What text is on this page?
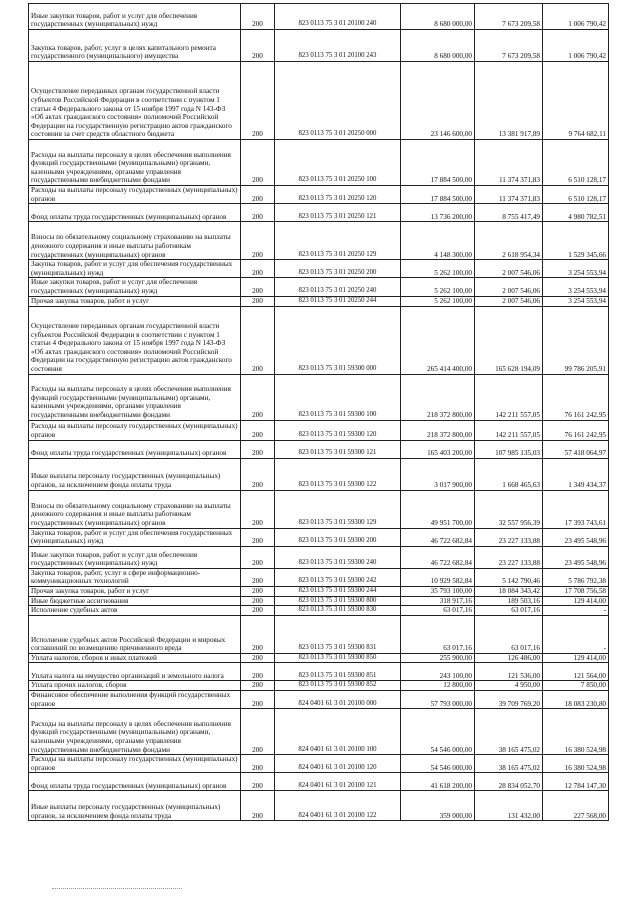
Иные закупки товаров, работ и услуг для обеспечения государственных (муниципальных) нужд	200	823 0113 75 3 01 20100 240	8 680 000,00	7 673 209,58	1 006 790,42
Закупка товаров, работ, услуг в целях капитального ремонта государственного (муниципального) имущества	200	823 0113 75 3 01 20100 243	8 680 000,00	7 673 209,58	1 006 790,42
Осуществление переданных органам государственной власти субъектов Российской Федерации в соответствии с пунктом 1 статьи 4 Федерального закона от 15 ноября 1997 года N 143-ФЗ «Об актах гражданского состояния» полномочий Российской Федерации на государственную регистрацию актов гражданского состояния за счет средств областного бюджета	200	823 0113 75 3 01 20250 000	23 146 600,00	13 381 917,89	9 764 682,11
Расходы на выплаты персоналу в целях обеспечения выполнения функций государственными (муниципальными) органами, казенными учреждениями, органами управления государственными внебюджетными фондами	200	823 0113 75 3 01 20250 100	17 884 500,00	11 374 371,83	6 510 128,17
Расходы на выплаты персоналу государственных (муниципальных) органов	200	823 0113 75 3 01 20250 120	17 884 500,00	11 374 371,83	6 510 128,17
Фонд оплаты труда государственных (муниципальных) органов	200	823 0113 75 3 01 20250 121	13 736 200,00	8 755 417,49	4 980 782,51
Взносы по обязательному социальному страхованию на выплаты денежного содержания и иные выплаты работникам государственных (муниципальных) органов	200	823 0113 75 3 01 20250 129	4 148 300,00	2 618 954,34	1 529 345,66
Закупка товаров, работ и услуг для обеспечения государственных (муниципальных) нужд	200	823 0113 75 3 01 20250 200	5 262 100,00	2 007 546,06	3 254 553,94
Иные закупки товаров, работ и услуг для обеспечения государственных (муниципальных) нужд	200	823 0113 75 3 01 20250 240	5 262 100,00	2 007 546,06	3 254 553,94
Прочая закупка товаров, работ и услуг	200	823 0113 75 3 01 20250 244	5 262 100,00	2 007 546,06	3 254 553,94
Осуществление переданных органам государственной власти субъектов Российской Федерации в соответствии с пунктом 1 статьи 4 Федерального закона от 15 ноября 1997 года N 143-ФЗ «Об актах гражданского состояния» полномочий Российской Федерации на государственную регистрацию актов гражданского состояния	200	823 0113 75 3 01 59300 000	265 414 400,00	165 628 194,09	99 786 205,91
Расходы на выплаты персоналу в целях обеспечения выполнения функций государственными (муниципальными) органами, казенными учреждениями, органами управления государственными внебюджетными фондами	200	823 0113 75 3 01 59300 100	218 372 800,00	142 211 557,05	76 161 242,95
Расходы на выплаты персоналу государственных (муниципальных) органов	200	823 0113 75 3 01 59300 120	218 372 800,00	142 211 557,05	76 161 242,95
Фонд оплаты труда государственных (муниципальных) органов	200	823 0113 75 3 01 59300 121	165 403 200,00	107 985 135,03	57 418 064,97
Иные выплаты персоналу государственных (муниципальных) органов, за исключением фонда оплаты труда	200	823 0113 75 3 01 59300 122	3 017 900,00	1 668 465,63	1 349 434,37
Взносы по обязательному социальному страхованию на выплаты денежного содержания и иные выплаты работникам государственных (муниципальных) органов	200	823 0113 75 3 01 59300 129	49 951 700,00	32 557 956,39	17 393 743,61
Закупка товаров, работ и услуг для обеспечения государственных (муниципальных) нужд	200	823 0113 75 3 01 59300 200	46 722 682,84	23 227 133,88	23 495 548,96
Иные закупки товаров, работ и услуг для обеспечения государственных (муниципальных) нужд	200	823 0113 75 3 01 59300 240	46 722 682,84	23 227 133,88	23 495 548,96
Закупка товаров, работ, услуг в сфере информационно-коммуникационных технологий	200	823 0113 75 3 01 59300 242	10 929 582,84	5 142 790,46	5 786 792,38
Прочая закупка товаров, работ и услуг	200	823 0113 75 3 01 59300 244	35 793 100,00	18 084 343,42	17 708 756,58
Иные бюджетные ассигнования	200	823 0113 75 3 01 59300 800	318 917,16	189 503,16	129 414,00
Исполнение судебных актов	200	823 0113 75 3 01 59300 830	63 017,16	63 017,16	-
Исполнение судебных актов Российской Федерации и мировых соглашений по возмещению причиненного вреда	200	823 0113 75 3 01 59300 831	63 017,16	63 017,16	-
Уплата налогов, сборов и иных платежей	200	823 0113 75 3 01 59300 850	255 900,00	126 486,00	129 414,00
Уплата налога на имущество организаций и земельного налога	200	823 0113 75 3 01 59300 851	243 100,00	121 536,00	121 564,00
Уплата прочих налогов, сборов	200	823 0113 75 3 01 59300 852	12 800,00	4 950,00	7 850,00
Финансовое обеспечение выполнения функций государственных органов	200	824 0401 61 3 01 20100 000	57 793 000,00	39 709 769,20	18 083 230,80
Расходы на выплаты персоналу в целях обеспечения выполнения функций государственными (муниципальными) органами, казенными учреждениями, органами управления государственными внебюджетными фондами	200	824 0401 61 3 01 20100 100	54 546 000,00	38 165 475,02	16 380 524,98
Расходы на выплаты персоналу государственных (муниципальных) органов	200	824 0401 61 3 01 20100 120	54 546 000,00	38 165 475,02	16 380 524,98
Фонд оплаты труда государственных (муниципальных) органов	200	824 0401 61 3 01 20100 121	41 618 200,00	28 834 052,70	12 784 147,30
Иные выплаты персоналу государственных (муниципальных) органов, за исключением фонда оплаты труда	200	824 0401 61 3 01 20100 122	359 000,00	131 432,00	227 568,00
